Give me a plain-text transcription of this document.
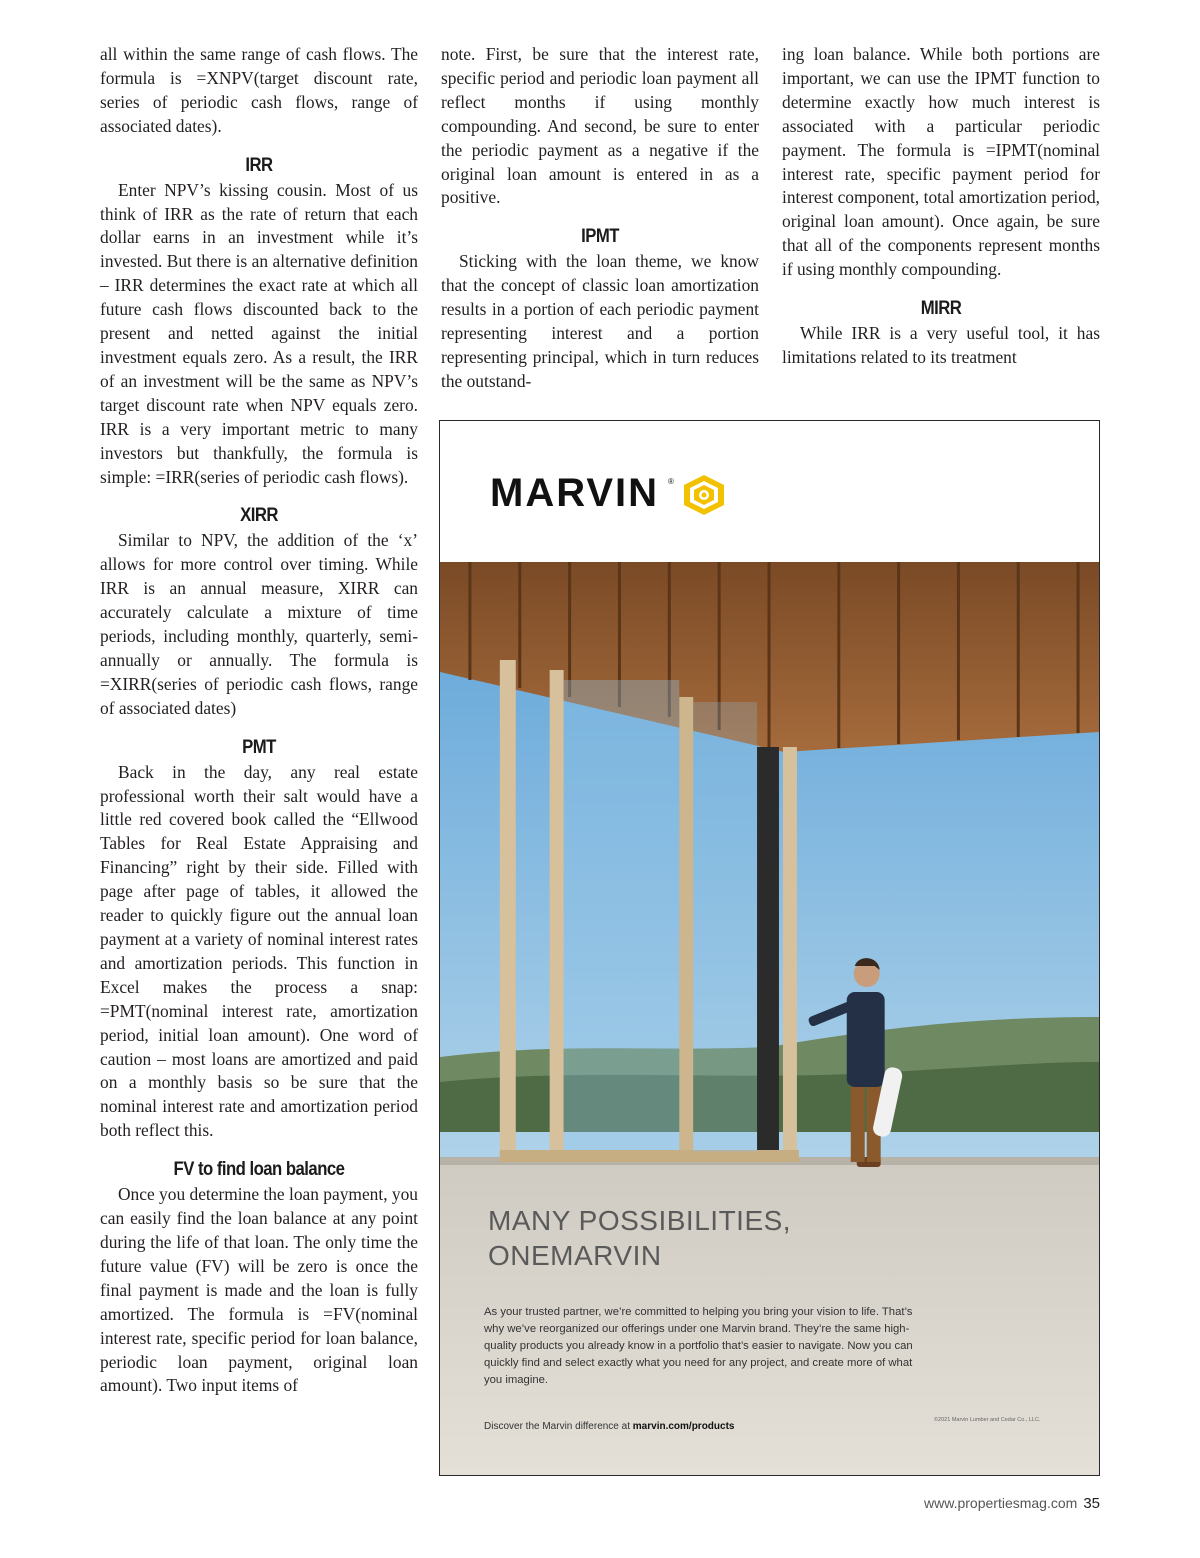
all within the same range of cash flows. The formula is =XNPV(target discount rate, series of periodic cash flows, range of associated dates).

IRR

Enter NPV’s kissing cousin. Most of us think of IRR as the rate of return that each dollar earns in an investment while it’s invested. But there is an alternative definition – IRR determines the exact rate at which all future cash flows discounted back to the present and netted against the initial investment equals zero. As a result, the IRR of an investment will be the same as NPV’s target discount rate when NPV equals zero. IRR is a very important metric to many investors but thankfully, the formula is simple: =IRR(series of periodic cash flows).

XIRR

Similar to NPV, the addition of the ‘x’ allows for more control over timing. While IRR is an annual measure, XIRR can accurately calculate a mixture of time periods, including monthly, quarterly, semi-annually or annually. The formula is =XIRR(series of periodic cash flows, range of associated dates)

PMT

Back in the day, any real estate professional worth their salt would have a little red covered book called the “Ellwood Tables for Real Estate Appraising and Financing” right by their side. Filled with page after page of tables, it allowed the reader to quickly figure out the annual loan payment at a variety of nominal interest rates and amortization periods. This function in Excel makes the process a snap: =PMT(nominal interest rate, amortization period, initial loan amount). One word of caution – most loans are amortized and paid on a monthly basis so be sure that the nominal interest rate and amortization period both reflect this.

FV to find loan balance

Once you determine the loan payment, you can easily find the loan balance at any point during the life of that loan. The only time the future value (FV) will be zero is once the final payment is made and the loan is fully amortized. The formula is =FV(nominal interest rate, specific period for loan balance, periodic loan payment, original loan amount). Two input items of

note. First, be sure that the interest rate, specific period and periodic loan payment all reflect months if using monthly compounding. And second, be sure to enter the periodic payment as a negative if the original loan amount is entered in as a positive.

IPMT

Sticking with the loan theme, we know that the concept of classic loan amortization results in a portion of each periodic payment representing interest and a portion representing principal, which in turn reduces the outstand-

ing loan balance. While both portions are important, we can use the IPMT function to determine exactly how much interest is associated with a particular periodic payment. The formula is =IPMT(nominal interest rate, specific payment period for interest component, total amortization period, original loan amount). Once again, be sure that all of the components represent months if using monthly compounding.

MIRR

While IRR is a very useful tool, it has limitations related to its treatment

MARVIN ®
MANY POSSIBILITIES,
ONEMARVIN
As your trusted partner, we’re committed to helping you bring your vision to life. That’s why we’ve reorganized our offerings under one Marvin brand. They’re the same high-quality products you already know in a portfolio that’s easier to navigate. Now you can quickly find and select exactly what you need for any project, and create more of what you imagine.
Discover the Marvin difference at marvin.com/products
©2021 Marvin Lumber and Cedar Co., LLC.
www.propertiesmag.com 35
